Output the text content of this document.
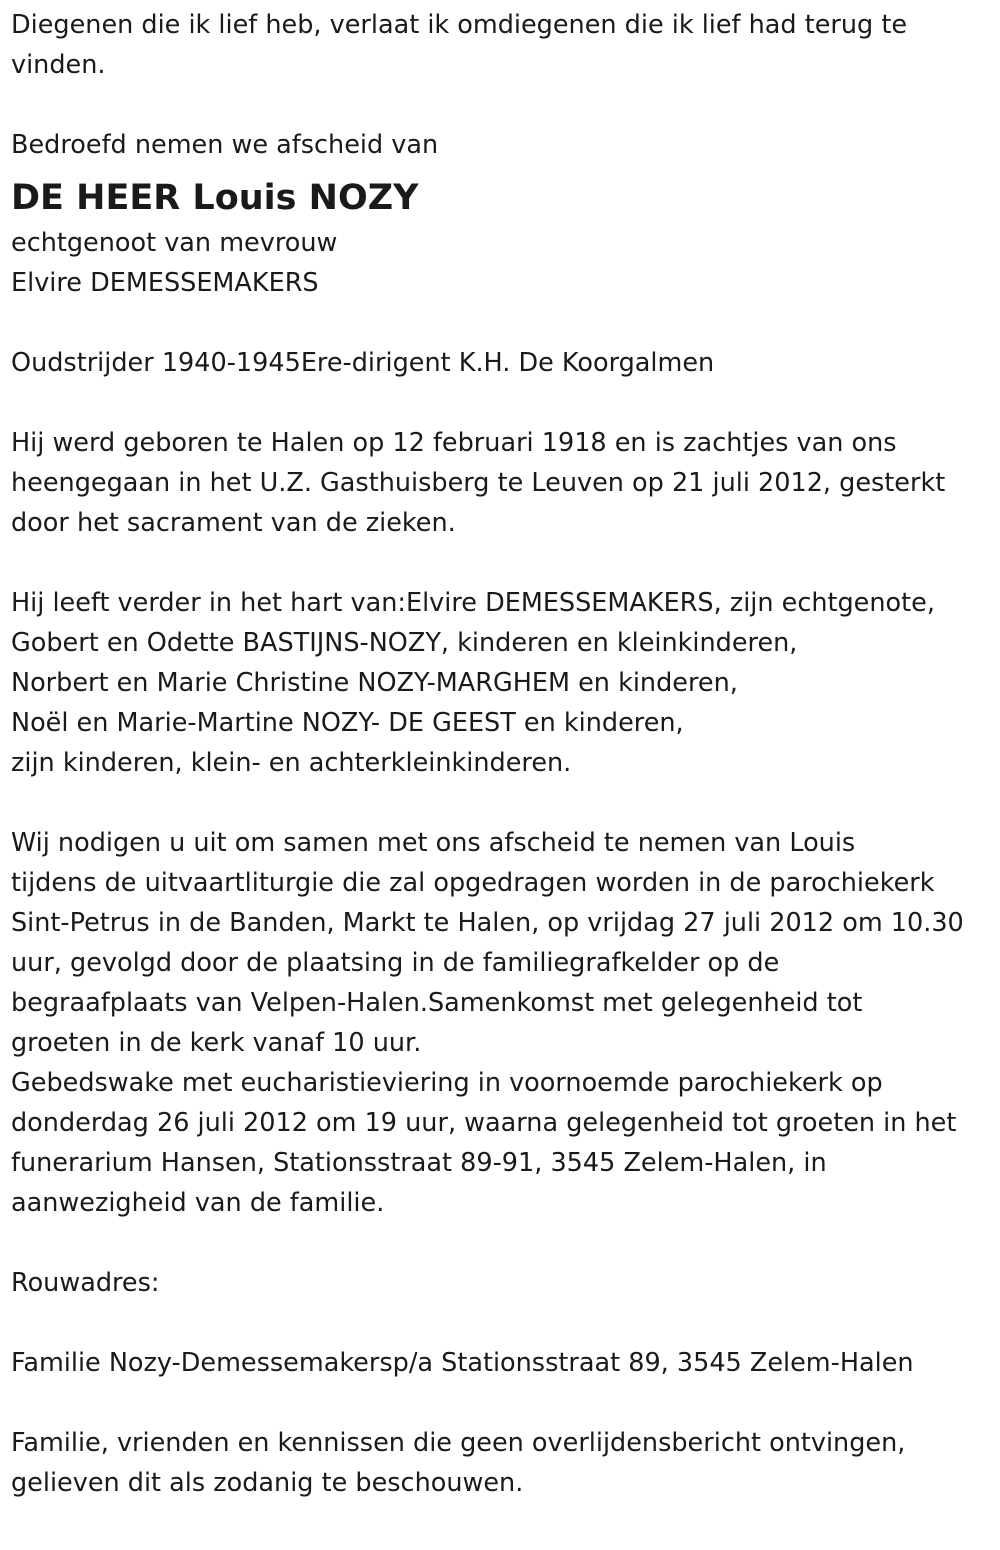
Diegenen die ik lief heb, verlaat ik omdiegenen die ik lief had terug te

vinden.

Bedroefd nemen we afscheid van

DE HEER Louis NOZY

echtgenoot van mevrouw

Elvire DEMESSEMAKERS

Oudstrijder 1940-1945Ere-dirigent K.H. De Koorgalmen

Hij werd geboren te Halen op 12 februari 1918 en is zachtjes van ons

heengegaan in het U.Z. Gasthuisberg te Leuven op 21 juli 2012, gesterkt

door het sacrament van de zieken.

Hij leeft verder in het hart van:Elvire DEMESSEMAKERS, zijn echtgenote,

Gobert en Odette BASTIJNS-NOZY, kinderen en kleinkinderen,

Norbert en Marie Christine NOZY-MARGHEM en kinderen,

Noël en Marie-Martine NOZY- DE GEEST en kinderen,

zijn kinderen, klein- en achterkleinkinderen.

Wij nodigen u uit om samen met ons afscheid te nemen van Louis

tijdens de uitvaartliturgie die zal opgedragen worden in de parochiekerk

Sint-Petrus in de Banden, Markt te Halen, op vrijdag 27 juli 2012 om 10.30

uur, gevolgd door de plaatsing in de familiegrafkelder op de

begraafplaats van Velpen-Halen.Samenkomst met gelegenheid tot

groeten in de kerk vanaf 10 uur.

Gebedswake met eucharistieviering in voornoemde parochiekerk op

donderdag 26 juli 2012 om 19 uur, waarna gelegenheid tot groeten in het

funerarium Hansen, Stationsstraat 89-91, 3545 Zelem-Halen, in

aanwezigheid van de familie.

Rouwadres:

Familie Nozy-Demessemakersp/a Stationsstraat 89, 3545 Zelem-Halen

Familie, vrienden en kennissen die geen overlijdensbericht ontvingen,

gelieven dit als zodanig te beschouwen.
